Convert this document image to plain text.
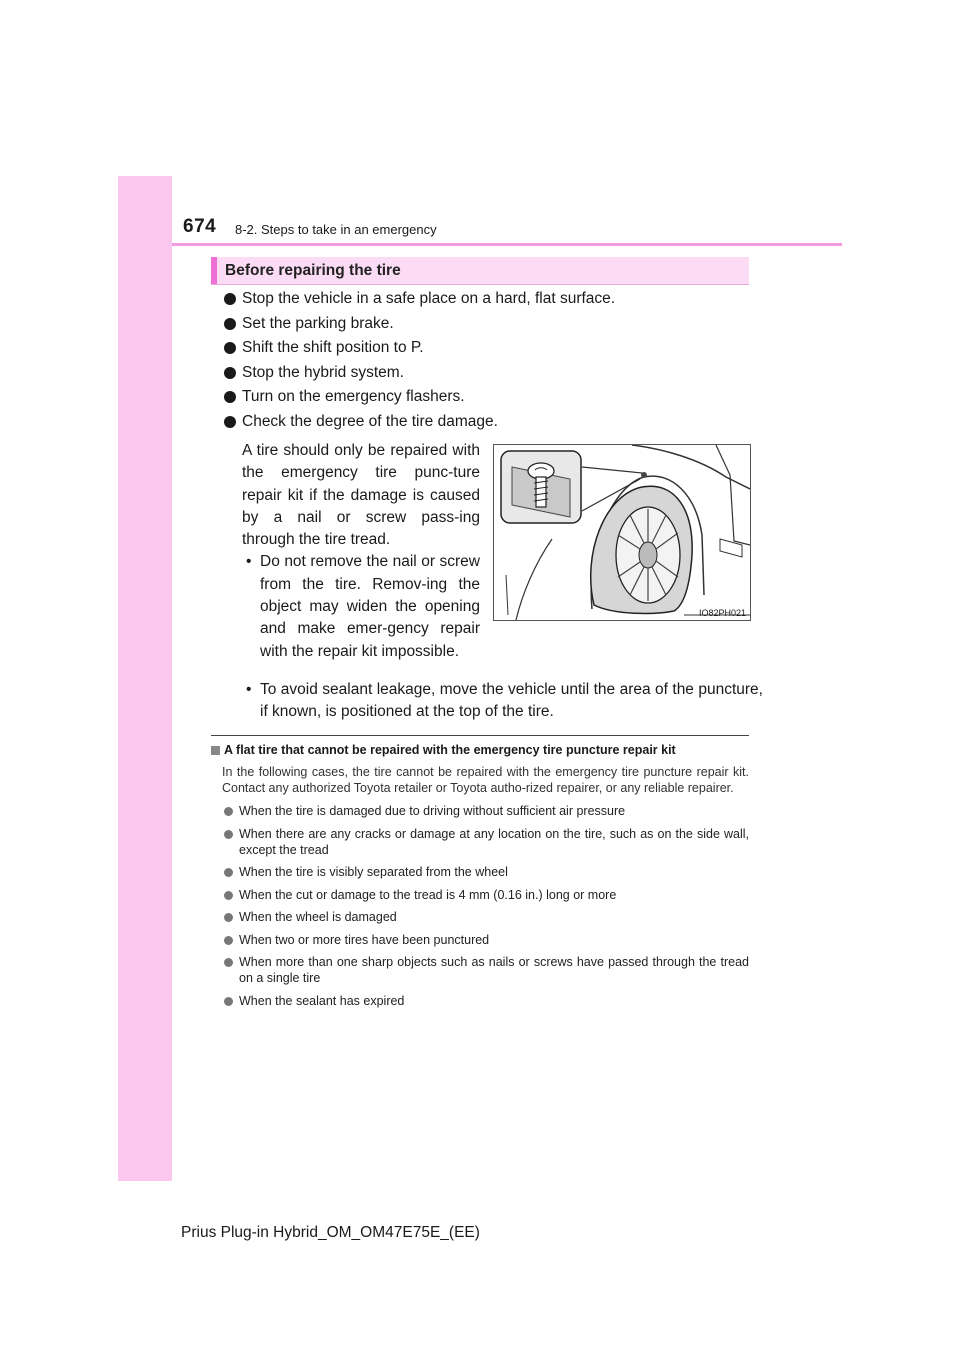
674 8-2. Steps to take in an emergency
Before repairing the tire
Stop the vehicle in a safe place on a hard, flat surface.
Set the parking brake.
Shift the shift position to P.
Stop the hybrid system.
Turn on the emergency flashers.
Check the degree of the tire damage.

A tire should only be repaired with the emergency tire punc-ture repair kit if the damage is caused by a nail or screw pass-ing through the tire tread.

• Do not remove the nail or screw from the tire. Remov-ing the object may widen the opening and make emer-gency repair with the repair kit impossible.
• To avoid sealant leakage, move the vehicle until the area of the puncture, if known, is positioned at the top of the tire.
IO82PH021
A flat tire that cannot be repaired with the emergency tire puncture repair kit
In the following cases, the tire cannot be repaired with the emergency tire puncture repair kit. Contact any authorized Toyota retailer or Toyota autho-rized repairer, or any reliable repairer.
When the tire is damaged due to driving without sufficient air pressure
When there are any cracks or damage at any location on the tire, such as on the side wall, except the tread
When the tire is visibly separated from the wheel
When the cut or damage to the tread is 4 mm (0.16 in.) long or more
When the wheel is damaged
When two or more tires have been punctured
When more than one sharp objects such as nails or screws have passed through the tread on a single tire
When the sealant has expired
Prius Plug-in Hybrid_OM_OM47E75E_(EE)
